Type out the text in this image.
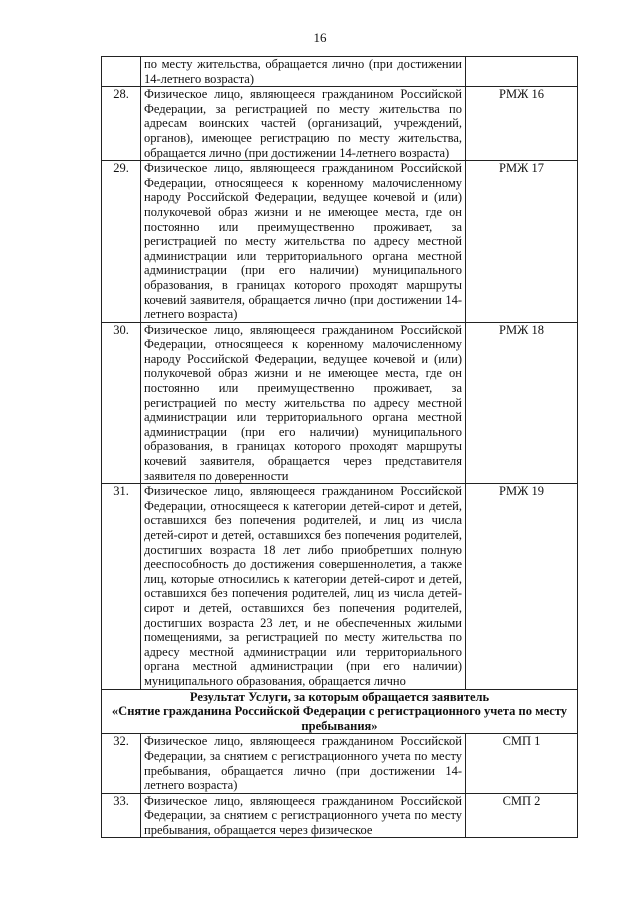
16
	по месту жительства, обращается лично (при достижении 14-летнего возраста)	
28.	Физическое лицо, являющееся гражданином Российской Федерации, за регистрацией по месту жительства по адресам воинских частей (организаций, учреждений, органов), имеющее регистрацию по месту жительства, обращается лично (при достижении 14-летнего возраста)	РМЖ 16
29.	Физическое лицо, являющееся гражданином Российской Федерации, относящееся к коренному малочисленному народу Российской Федерации, ведущее кочевой и (или) полукочевой образ жизни и не имеющее места, где он постоянно или преимущественно проживает, за регистрацией по месту жительства по адресу местной администрации или территориального органа местной администрации (при его наличии) муниципального образования, в границах которого проходят маршруты кочевий заявителя, обращается лично (при достижении 14-летнего возраста)	РМЖ 17
30.	Физическое лицо, являющееся гражданином Российской Федерации, относящееся к коренному малочисленному народу Российской Федерации, ведущее кочевой и (или) полукочевой образ жизни и не имеющее места, где он постоянно или преимущественно проживает, за регистрацией по месту жительства по адресу местной администрации или территориального органа местной администрации (при его наличии) муниципального образования, в границах которого проходят маршруты кочевий заявителя, обращается через представителя заявителя по доверенности	РМЖ 18
31.	Физическое лицо, являющееся гражданином Российской Федерации, относящееся к категории детей-сирот и детей, оставшихся без попечения родителей, и лиц из числа детей-сирот и детей, оставшихся без попечения родителей, достигших возраста 18 лет либо приобретших полную дееспособность до достижения совершеннолетия, а также лиц, которые относились к категории детей-сирот и детей, оставшихся без попечения родителей, лиц из числа детей-сирот и детей, оставшихся без попечения родителей, достигших возраста 23 лет, и не обеспеченных жилыми помещениями, за регистрацией по месту жительства по адресу местной администрации или территориального органа местной администрации (при его наличии) муниципального образования, обращается лично	РМЖ 19

Результат Услуги, за которым обращается заявитель
«Снятие гражданина Российской Федерации с регистрационного учета по месту пребывания»		

32.	Физическое лицо, являющееся гражданином Российской Федерации, за снятием с регистрационного учета по месту пребывания, обращается лично (при достижении 14-летнего возраста)	СМП 1
33.	Физическое лицо, являющееся гражданином Российской Федерации, за снятием с регистрационного учета по месту пребывания, обращается через физическое	СМП 2
